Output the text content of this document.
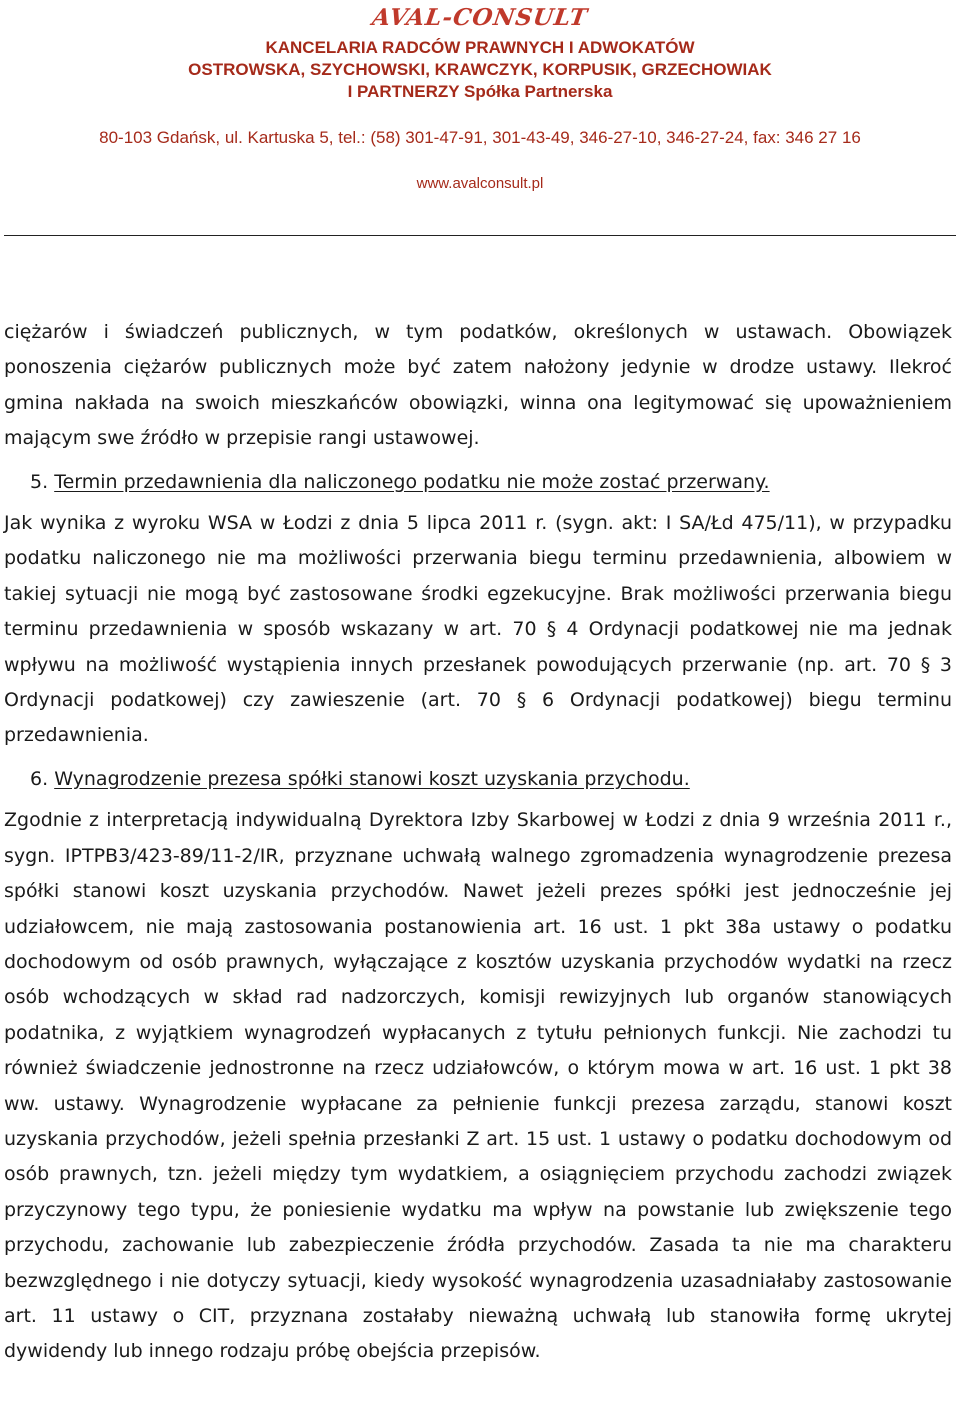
AVAL-CONSULT
KANCELARIA RADCÓW PRAWNYCH I ADWOKATÓW
OSTROWSKA, SZYCHOWSKI, KRAWCZYK, KORPUSIK, GRZECHOWIAK
I PARTNERZY Spółka Partnerska
80-103 Gdańsk, ul. Kartuska 5, tel.: (58) 301-47-91, 301-43-49, 346-27-10, 346-27-24, fax: 346 27 16
www.avalconsult.pl

ciężarów i świadczeń publicznych, w tym podatków, określonych w ustawach. Obowiązek ponoszenia ciężarów publicznych może być zatem nałożony jedynie w drodze ustawy. Ilekroć gmina nakłada na swoich mieszkańców obowiązki, winna ona legitymować się upoważnieniem mającym swe źródło w przepisie rangi ustawowej.

5. Termin przedawnienia dla naliczonego podatku nie może zostać przerwany.

Jak wynika z wyroku WSA w Łodzi z dnia 5 lipca 2011 r. (sygn. akt: I SA/Łd 475/11), w przypadku podatku naliczonego nie ma możliwości przerwania biegu terminu przedawnienia, albowiem w takiej sytuacji nie mogą być zastosowane środki egzekucyjne. Brak możliwości przerwania biegu terminu przedawnienia w sposób wskazany w art. 70 § 4 Ordynacji podatkowej nie ma jednak wpływu na możliwość wystąpienia innych przesłanek powodujących przerwanie (np. art. 70 § 3 Ordynacji podatkowej) czy zawieszenie (art. 70 § 6 Ordynacji podatkowej) biegu terminu przedawnienia.

6. Wynagrodzenie prezesa spółki stanowi koszt uzyskania przychodu.

Zgodnie z interpretacją indywidualną Dyrektora Izby Skarbowej w Łodzi z dnia 9 września 2011 r., sygn. IPTPB3/423-89/11-2/IR, przyznane uchwałą walnego zgromadzenia wynagrodzenie prezesa spółki stanowi koszt uzyskania przychodów. Nawet jeżeli prezes spółki jest jednocześnie jej udziałowcem, nie mają zastosowania postanowienia art. 16 ust. 1 pkt 38a ustawy o podatku dochodowym od osób prawnych, wyłączające z kosztów uzyskania przychodów wydatki na rzecz osób wchodzących w skład rad nadzorczych, komisji rewizyjnych lub organów stanowiących podatnika, z wyjątkiem wynagrodzeń wypłacanych z tytułu pełnionych funkcji. Nie zachodzi tu również świadczenie jednostronne na rzecz udziałowców, o którym mowa w art. 16 ust. 1 pkt 38 ww. ustawy. Wynagrodzenie wypłacane za pełnienie funkcji prezesa zarządu, stanowi koszt uzyskania przychodów, jeżeli spełnia przesłanki Z art. 15 ust. 1 ustawy o podatku dochodowym od osób prawnych, tzn. jeżeli między tym wydatkiem, a osiągnięciem przychodu zachodzi związek przyczynowy tego typu, że poniesienie wydatku ma wpływ na powstanie lub zwiększenie tego przychodu, zachowanie lub zabezpieczenie źródła przychodów. Zasada ta nie ma charakteru bezwzględnego i nie dotyczy sytuacji, kiedy wysokość wynagrodzenia uzasadniałaby zastosowanie art. 11 ustawy o CIT, przyznana zostałaby nieważną uchwałą lub stanowiła formę ukrytej dywidendy lub innego rodzaju próbę obejścia przepisów.
